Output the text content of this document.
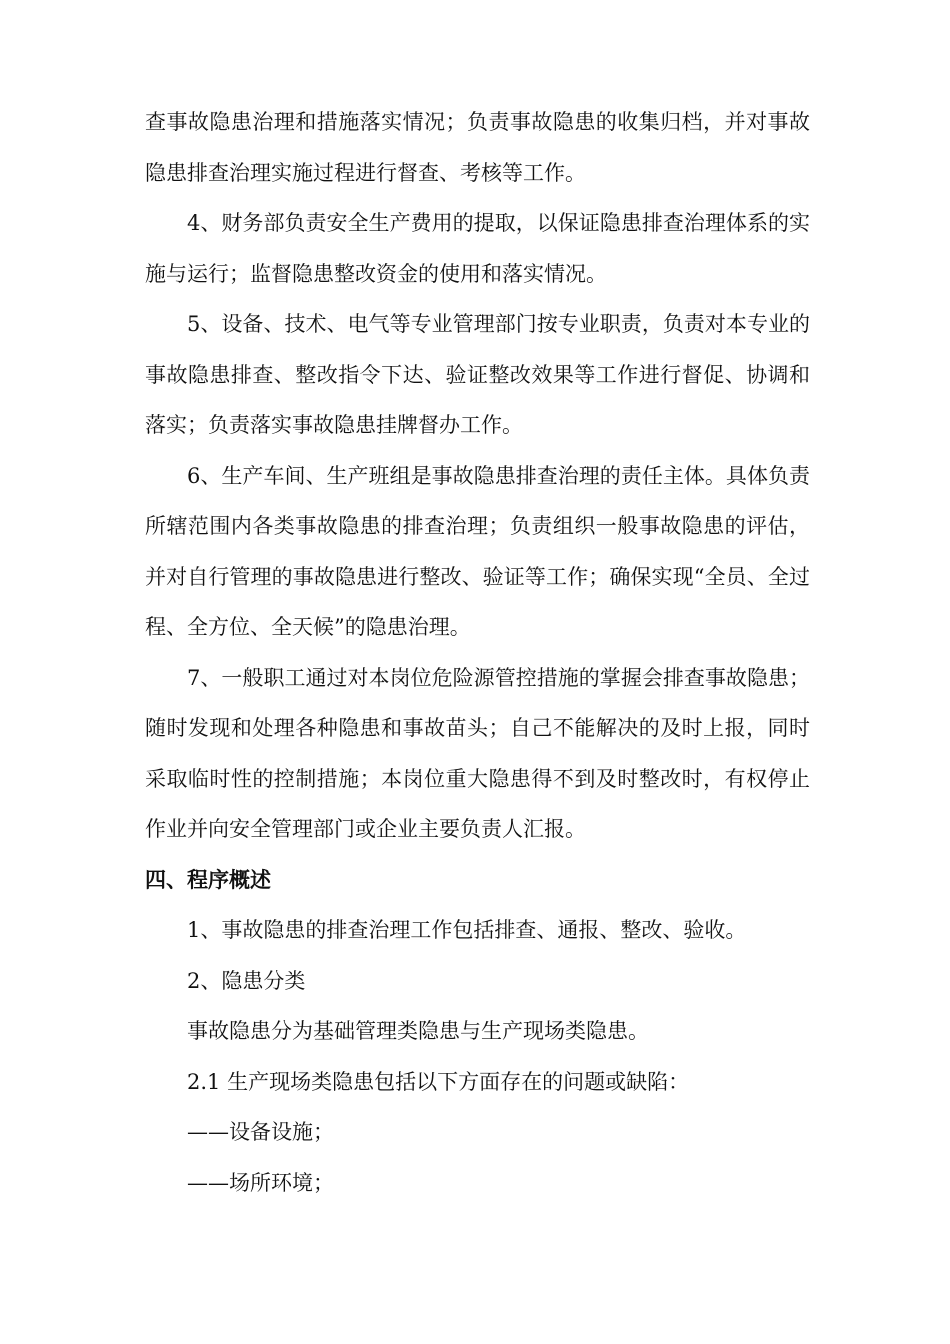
查事故隐患治理和措施落实情况；负责事故隐患的收集归档，并对事故隐患排查治理实施过程进行督查、考核等工作。

4、财务部负责安全生产费用的提取，以保证隐患排查治理体系的实施与运行；监督隐患整改资金的使用和落实情况。

5、设备、技术、电气等专业管理部门按专业职责，负责对本专业的事故隐患排查、整改指令下达、验证整改效果等工作进行督促、协调和落实；负责落实事故隐患挂牌督办工作。

6、生产车间、生产班组是事故隐患排查治理的责任主体。具体负责所辖范围内各类事故隐患的排查治理；负责组织一般事故隐患的评估，并对自行管理的事故隐患进行整改、验证等工作；确保实现“全员、全过程、全方位、全天候”的隐患治理。

7、一般职工通过对本岗位危险源管控措施的掌握会排查事故隐患；随时发现和处理各种隐患和事故苗头；自己不能解决的及时上报，同时采取临时性的控制措施；本岗位重大隐患得不到及时整改时，有权停止作业并向安全管理部门或企业主要负责人汇报。

四、程序概述

1、事故隐患的排查治理工作包括排查、通报、整改、验收。

2、隐患分类

事故隐患分为基础管理类隐患与生产现场类隐患。

2.1 生产现场类隐患包括以下方面存在的问题或缺陷：

——设备设施；

——场所环境；
